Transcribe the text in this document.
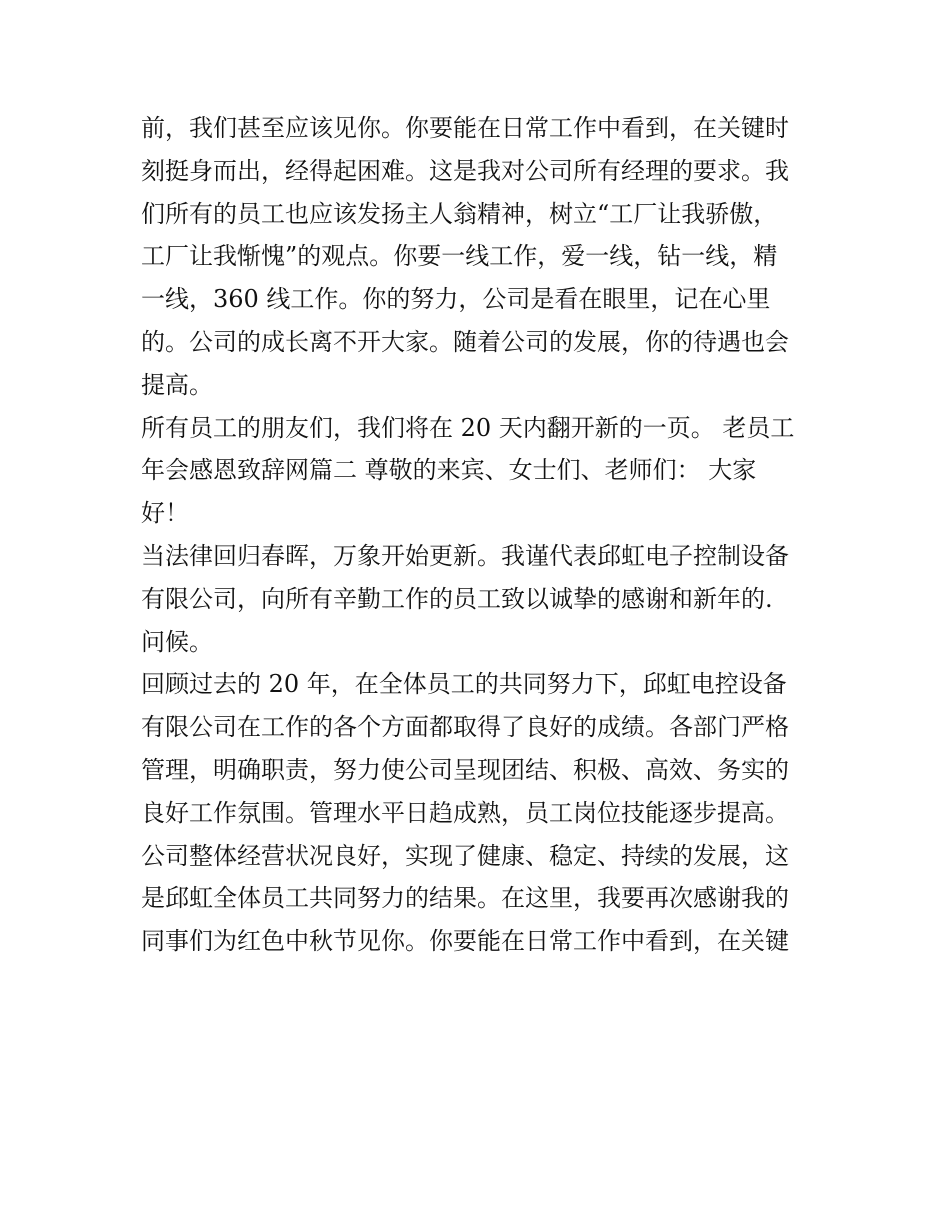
前，我们甚至应该见你。你要能在日常工作中看到，在关键时
刻挺身而出，经得起困难。这是我对公司所有经理的要求。我
们所有的员工也应该发扬主人翁精神，树立“工厂让我骄傲，
工厂让我惭愧”的观点。你要一线工作，爱一线，钻一线，精
一线，360 线工作。你的努力，公司是看在眼里，记在心里
的。公司的成长离不开大家。随着公司的发展，你的待遇也会
提高。
所有员工的朋友们，我们将在 20 天内翻开新的一页。 老员工
年会感恩致辞网篇二 尊敬的来宾、女士们、老师们： 大家
好！
当法律回归春晖，万象开始更新。我谨代表邱虹电子控制设备
有限公司，向所有辛勤工作的员工致以诚挚的感谢和新年的.
问候。
回顾过去的 20 年，在全体员工的共同努力下，邱虹电控设备
有限公司在工作的各个方面都取得了良好的成绩。各部门严格
管理，明确职责，努力使公司呈现团结、积极、高效、务实的
良好工作氛围。管理水平日趋成熟，员工岗位技能逐步提高。
公司整体经营状况良好，实现了健康、稳定、持续的发展，这
是邱虹全体员工共同努力的结果。在这里，我要再次感谢我的
同事们为红色中秋节见你。你要能在日常工作中看到，在关键
